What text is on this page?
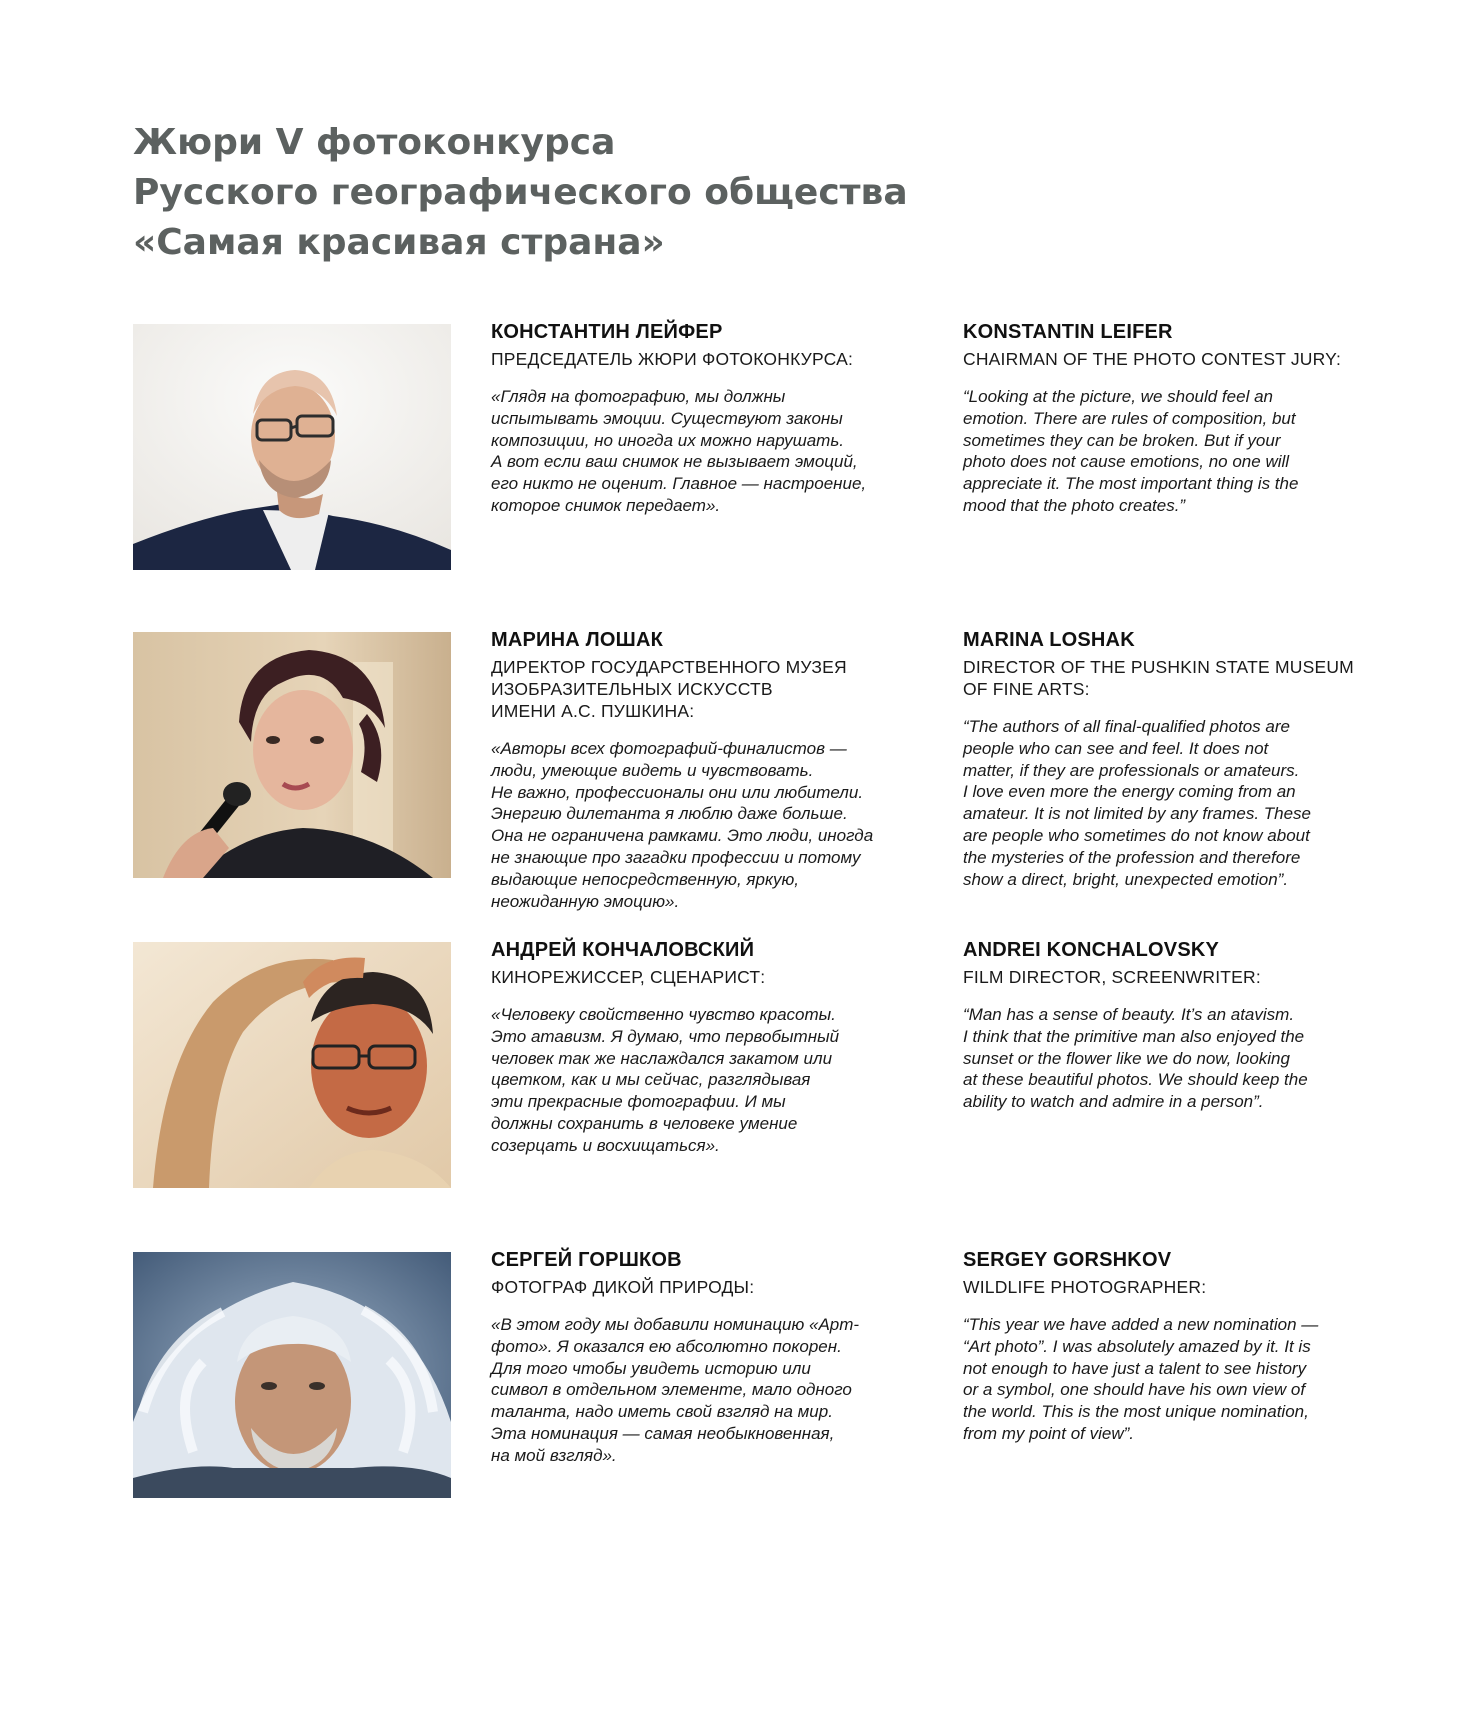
Жюри V фотоконкурса
Русского географического общества
«Самая красивая страна»
КОНСТАНТИН ЛЕЙФЕР

ПРЕДСЕДАТЕЛЬ ЖЮРИ ФОТОКОНКУРСА:

«Глядя на фотографию, мы должны
испытывать эмоции. Существуют законы
композиции, но иногда их можно нарушать.
А вот если ваш снимок не вызывает эмоций,
его никто не оценит. Главное — настроение,
которое снимок передает».

KONSTANTIN LEIFER

CHAIRMAN OF THE PHOTO CONTEST JURY:

“Looking at the picture, we should feel an
emotion. There are rules of composition, but
sometimes they can be broken. But if your
photo does not cause emotions, no one will
appreciate it. The most important thing is the
mood that the photo creates.”

МАРИНА ЛОШАК

ДИРЕКТОР ГОСУДАРСТВЕННОГО МУЗЕЯ
ИЗОБРАЗИТЕЛЬНЫХ ИСКУССТВ
ИМЕНИ А.С. ПУШКИНА:

«Авторы всех фотографий-финалистов —
люди, умеющие видеть и чувствовать.
Не важно, профессионалы они или любители.
Энергию дилетанта я люблю даже больше.
Она не ограничена рамками. Это люди, иногда
не знающие про загадки профессии и потому
выдающие непосредственную, яркую,
неожиданную эмоцию».

MARINA LOSHAK

DIRECTOR OF THE PUSHKIN STATE MUSEUM
OF FINE ARTS:

“The authors of all final-qualified photos are
people who can see and feel. It does not
matter, if they are professionals or amateurs.
I love even more the energy coming from an
amateur. It is not limited by any frames. These
are people who sometimes do not know about
the mysteries of the profession and therefore
show a direct, bright, unexpected emotion”.

АНДРЕЙ КОНЧАЛОВСКИЙ

КИНОРЕЖИССЕР, СЦЕНАРИСТ:

«Человеку свойственно чувство красоты.
Это атавизм. Я думаю, что первобытный
человек так же наслаждался закатом или
цветком, как и мы сейчас, разглядывая
эти прекрасные фотографии. И мы
должны сохранить в человеке умение
созерцать и восхищаться».

ANDREI KONCHALOVSKY

FILM DIRECTOR, SCREENWRITER:

“Man has a sense of beauty. It’s an atavism.
I think that the primitive man also enjoyed the
sunset or the flower like we do now, looking
at these beautiful photos. We should keep the
ability to watch and admire in a person”.

СЕРГЕЙ ГОРШКОВ

ФОТОГРАФ ДИКОЙ ПРИРОДЫ:

«В этом году мы добавили номинацию «Арт-
фото». Я оказался ею абсолютно покорен.
Для того чтобы увидеть историю или
символ в отдельном элементе, мало одного
таланта, надо иметь свой взгляд на мир.
Эта номинация — самая необыкновенная,
на мой взгляд».

SERGEY GORSHKOV

WILDLIFE PHOTOGRAPHER:

“This year we have added a new nomination —
“Art photo”. I was absolutely amazed by it. It is
not enough to have just a talent to see history
or a symbol, one should have his own view of
the world. This is the most unique nomination,
from my point of view”.
